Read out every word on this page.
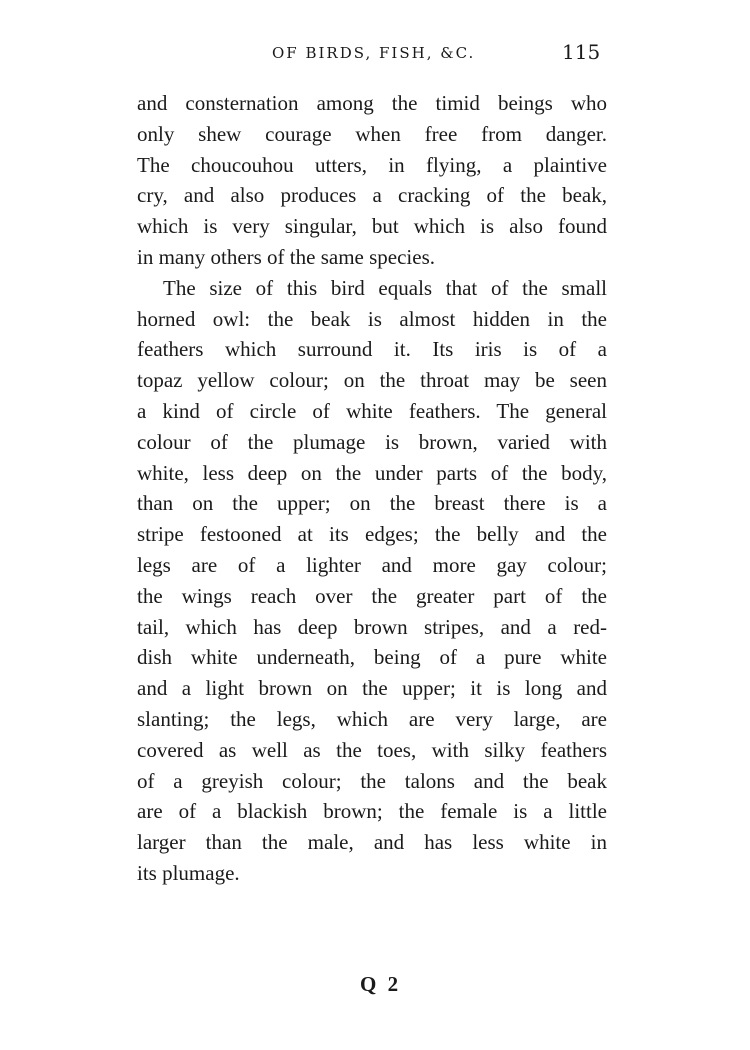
OF BIRDS, FISH, &C.	115
and consternation among the timid beings who
only shew courage when free from danger.
The choucouhou utters, in flying, a plaintive
cry, and also produces a cracking of the beak,
which is very singular, but which is also found
in many others of the same species.
The size of this bird equals that of the small
horned owl: the beak is almost hidden in the
feathers which surround it. Its iris is of a
topaz yellow colour; on the throat may be seen
a kind of circle of white feathers. The general
colour of the plumage is brown, varied with
white, less deep on the under parts of the body,
than on the upper; on the breast there is a
stripe festooned at its edges; the belly and the
legs are of a lighter and more gay colour;
the wings reach over the greater part of the
tail, which has deep brown stripes, and a red-
dish white underneath, being of a pure white
and a light brown on the upper; it is long and
slanting; the legs, which are very large, are
covered as well as the toes, with silky feathers
of a greyish colour; the talons and the beak
are of a blackish brown; the female is a little
larger than the male, and has less white in
its plumage.
Q 2
